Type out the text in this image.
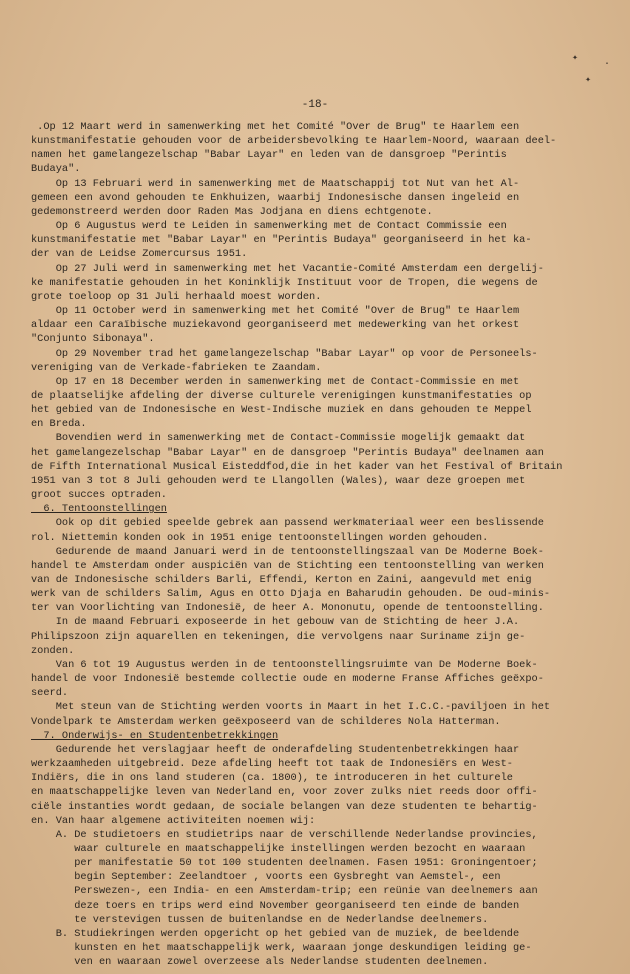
✦
✦
·
-18-
.Op 12 Maart werd in samenwerking met het Comité "Over de Brug" te Haarlem een
kunstmanifestatie gehouden voor de arbeidersbevolking te Haarlem-Noord, waaraan deel-
namen het gamelangezelschap "Babar Layar" en leden van de dansgroep "Perintis
Budaya".
Op 13 Februari werd in samenwerking met de Maatschappij tot Nut van het Al-
gemeen een avond gehouden te Enkhuizen, waarbij Indonesische dansen ingeleid en
gedemonstreerd werden door Raden Mas Jodjana en diens echtgenote.
Op 6 Augustus werd te Leiden in samenwerking met de Contact Commissie een
kunstmanifestatie met "Babar Layar" en "Perintis Budaya" georganiseerd in het ka-
der van de Leidse Zomercursus 1951.
Op 27 Juli werd in samenwerking met het Vacantie-Comité Amsterdam een dergelij-
ke manifestatie gehouden in het Koninklijk Instituut voor de Tropen, die wegens de
grote toeloop op 31 Juli herhaald moest worden.
Op 11 October werd in samenwerking met het Comité "Over de Brug" te Haarlem
aldaar een Caraïbische muziekavond georganiseerd met medewerking van het orkest
"Conjunto Sibonaya".
Op 29 November trad het gamelangezelschap "Babar Layar" op voor de Personeels-
vereniging van de Verkade-fabrieken te Zaandam.
Op 17 en 18 December werden in samenwerking met de Contact-Commissie en met
de plaatselijke afdeling der diverse culturele verenigingen kunstmanifestaties op
het gebied van de Indonesische en West-Indische muziek en dans gehouden te Meppel
en Breda.
Bovendien werd in samenwerking met de Contact-Commissie mogelijk gemaakt dat
het gamelangezelschap "Babar Layar" en de dansgroep "Perintis Budaya" deelnamen aan
de Fifth International Musical Eisteddfod,die in het kader van het Festival of Britain
1951 van 3 tot 8 Juli gehouden werd te Llangollen (Wales), waar deze groepen met
groot succes optraden.
6. Tentoonstellingen
Ook op dit gebied speelde gebrek aan passend werkmateriaal weer een beslissende
rol. Niettemin konden ook in 1951 enige tentoonstellingen worden gehouden.
Gedurende de maand Januari werd in de tentoonstellingszaal van De Moderne Boek-
handel te Amsterdam onder auspiciën van de Stichting een tentoonstelling van werken
van de Indonesische schilders Barli, Effendi, Kerton en Zaini, aangevuld met enig
werk van de schilders Salim, Agus en Otto Djaja en Baharudin gehouden. De oud-minis-
ter van Voorlichting van Indonesië, de heer A. Mononutu, opende de tentoonstelling.
In de maand Februari exposeerde in het gebouw van de Stichting de heer J.A.
Philipszoon zijn aquarellen en tekeningen, die vervolgens naar Suriname zijn ge-
zonden.
Van 6 tot 19 Augustus werden in de tentoonstellingsruimte van De Moderne Boek-
handel de voor Indonesië bestemde collectie oude en moderne Franse Affiches geëxpo-
seerd.
Met steun van de Stichting werden voorts in Maart in het I.C.C.-paviljoen in het
Vondelpark te Amsterdam werken geëxposeerd van de schilderes Nola Hatterman.
7. Onderwijs- en Studentenbetrekkingen
Gedurende het verslagjaar heeft de onderafdeling Studentenbetrekkingen haar
werkzaamheden uitgebreid. Deze afdeling heeft tot taak de Indonesiërs en West-
Indiërs, die in ons land studeren (ca. 1800), te introduceren in het culturele
en maatschappelijke leven van Nederland en, voor zover zulks niet reeds door offi-
ciële instanties wordt gedaan, de sociale belangen van deze studenten te behartig-
en. Van haar algemene activiteiten noemen wij:
A. De studietoers en studietrips naar de verschillende Nederlandse provincies,
waar culturele en maatschappelijke instellingen werden bezocht en waaraan
per manifestatie 50 tot 100 studenten deelnamen. Fasen 1951: Groningentoer;
begin September: Zeelandtoer , voorts een Gysbreght van Aemstel-, een
Perswezen-, een India- en een Amsterdam-trip; een reünie van deelnemers aan
deze toers en trips werd eind November georganiseerd ten einde de banden
te verstevigen tussen de buitenlandse en de Nederlandse deelnemers.
B. Studiekringen werden opgericht op het gebied van de muziek, de beeldende
kunsten en het maatschappelijk werk, waaraan jonge deskundigen leiding ge-
ven en waaraan zowel overzeese als Nederlandse studenten deelnemen.
